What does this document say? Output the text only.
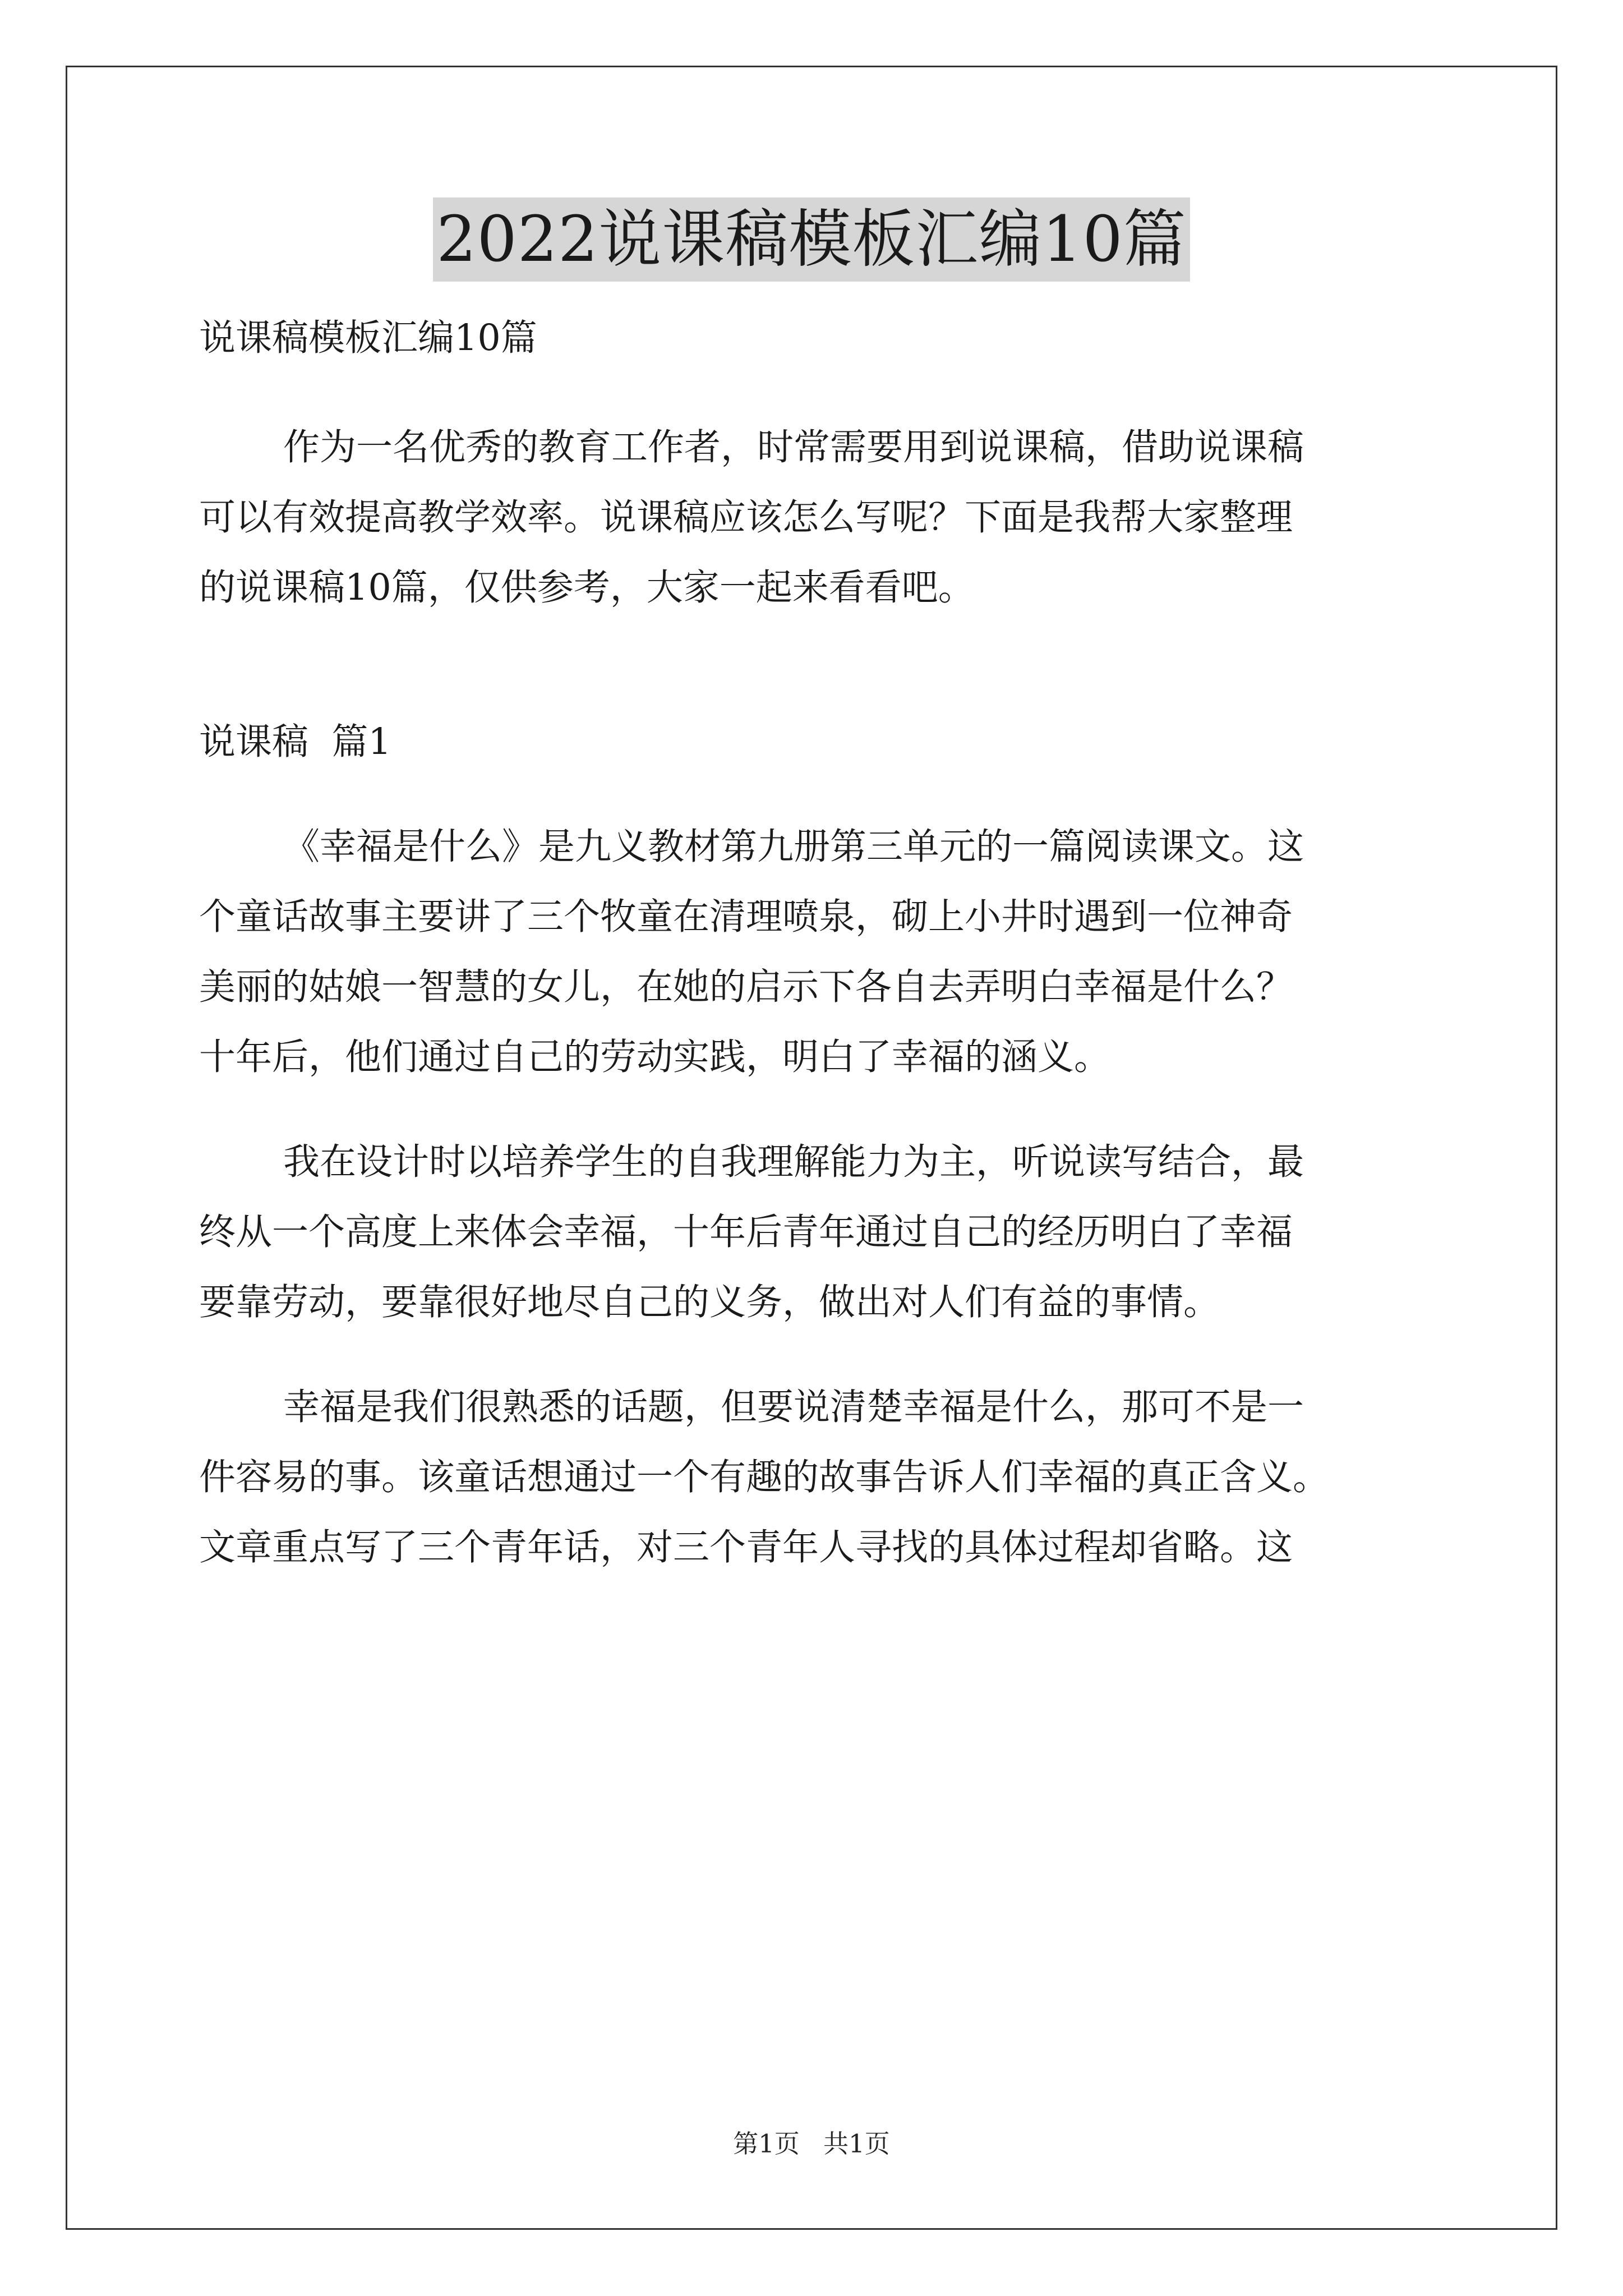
2022说课稿模板汇编10篇

说课稿模板汇编10篇

作为一名优秀的教育工作者，时常需要用到说课稿，借助说课稿

可以有效提高教学效率。说课稿应该怎么写呢？下面是我帮大家整理

的说课稿10篇，仅供参考，大家一起来看看吧。

说课稿  篇1

《幸福是什么》是九义教材第九册第三单元的一篇阅读课文。这

个童话故事主要讲了三个牧童在清理喷泉，砌上小井时遇到一位神奇

美丽的姑娘一智慧的女儿，在她的启示下各自去弄明白幸福是什么？

十年后，他们通过自己的劳动实践，明白了幸福的涵义。

我在设计时以培养学生的自我理解能力为主，听说读写结合，最

终从一个高度上来体会幸福，十年后青年通过自己的经历明白了幸福

要靠劳动，要靠很好地尽自己的义务，做出对人们有益的事情。

幸福是我们很熟悉的话题，但要说清楚幸福是什么，那可不是一

件容易的事。该童话想通过一个有趣的故事告诉人们幸福的真正含义。

文章重点写了三个青年话，对三个青年人寻找的具体过程却省略。这

第1页 共1页
